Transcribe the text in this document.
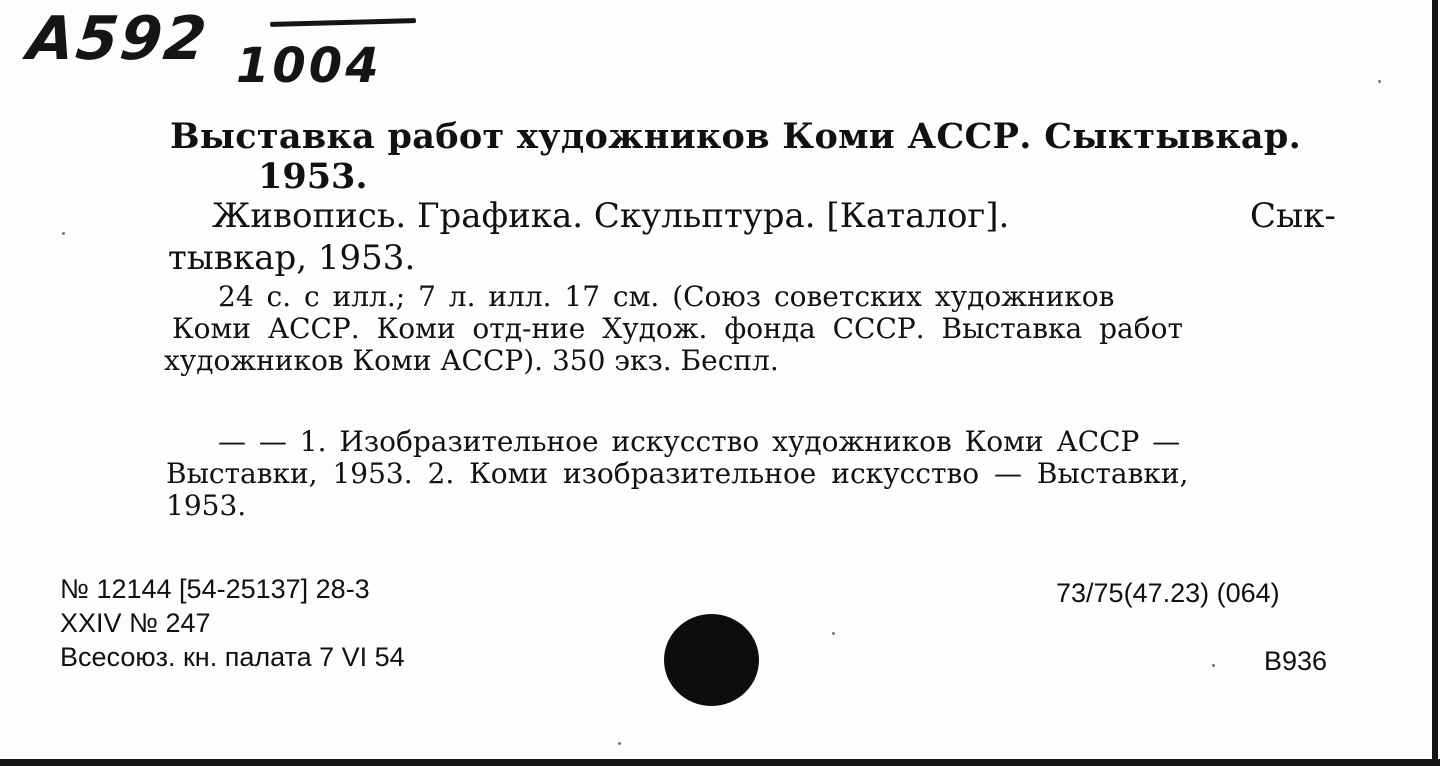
А592 1004
Выставка работ художников Коми АССР. Сыктывкар.
1953.
Живопись. Графика. Скульптура. [Каталог].	Сык-
тывкар, 1953.
24 с. с илл.; 7 л. илл. 17 см. (Союз советских художников
Коми АССР. Коми отд-ние Худож. фонда СССР. Выставка работ
художников Коми АССР). 350 экз. Беспл.
— — 1. Изобразительное искусство художников Коми АССР —
Выставки, 1953. 2. Коми изобразительное искусство — Выставки,
1953.
№ 12144 [54-25137] 28-3
XXIV № 247
Всесоюз. кн. палата 7 VI 54
73/75(47.23) (064)
В936
